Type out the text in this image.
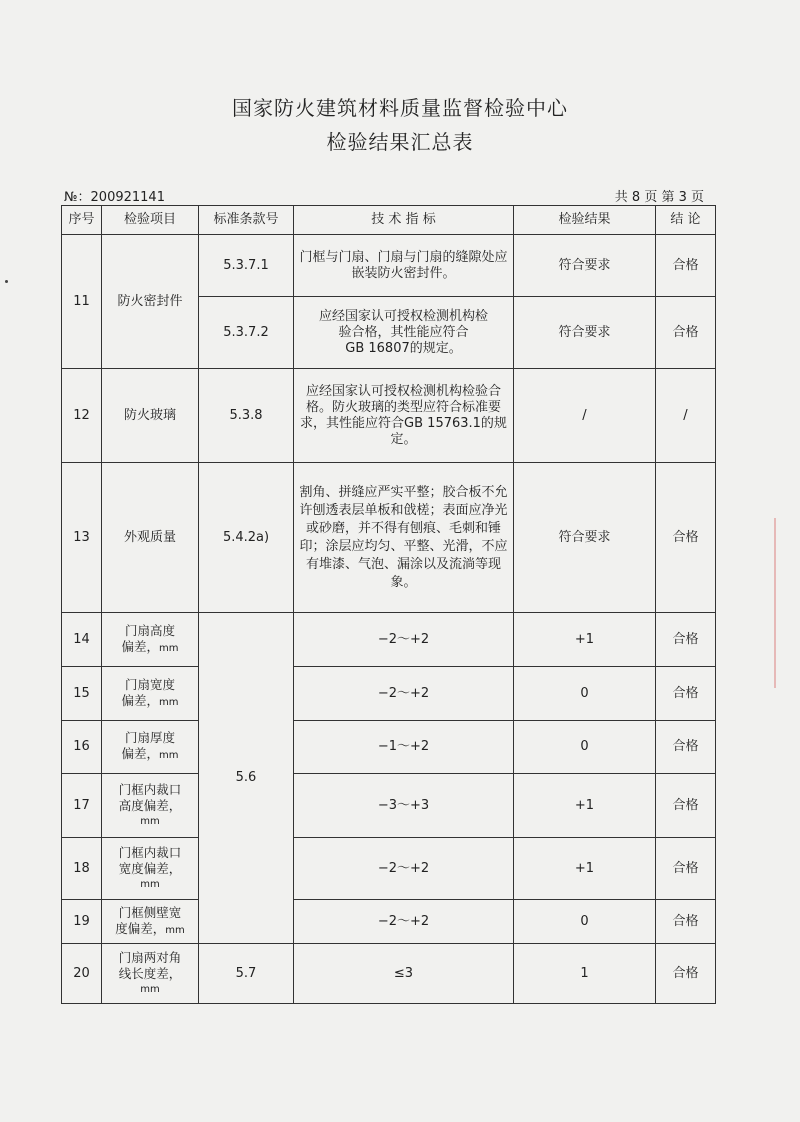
国家防火建筑材料质量监督检验中心
检验结果汇总表
№：200921141	共 8 页 第 3 页
序号	检验项目	标准条款号	技 术 指 标	检验结果	结 论
11	防火密封件	5.3.7.1	门框与门扇、门扇与门扇的缝隙处应嵌装防火密封件。	符合要求	合格
		5.3.7.2	应经国家认可授权检测机构检
验合格，其性能应符合
GB 16807的规定。	符合要求	合格
12	防火玻璃	5.3.8	应经国家认可授权检测机构检验合格。防火玻璃的类型应符合标准要求，其性能应符合GB 15763.1的规定。	/	/
13	外观质量	5.4.2a)	割角、拼缝应严实平整；胶合板不允许刨透表层单板和戗槎；表面应净光或砂磨，并不得有刨痕、毛刺和锤印；涂层应均匀、平整、光滑，不应有堆漆、气泡、漏涂以及流淌等现象。	符合要求	合格
14	门扇高度
偏差，mm	5.6	−2～+2	+1	合格
15	门扇宽度
偏差，mm		−2～+2	0	合格
16	门扇厚度
偏差，mm		−1～+2	0	合格
17	门框内裁口
高度偏差，
mm		−3～+3	+1	合格
18	门框内裁口
宽度偏差，
mm		−2～+2	+1	合格
19	门框侧壁宽
度偏差，mm		−2～+2	0	合格
20	门扇两对角
线长度差，
mm	5.7	≤3	1	合格
